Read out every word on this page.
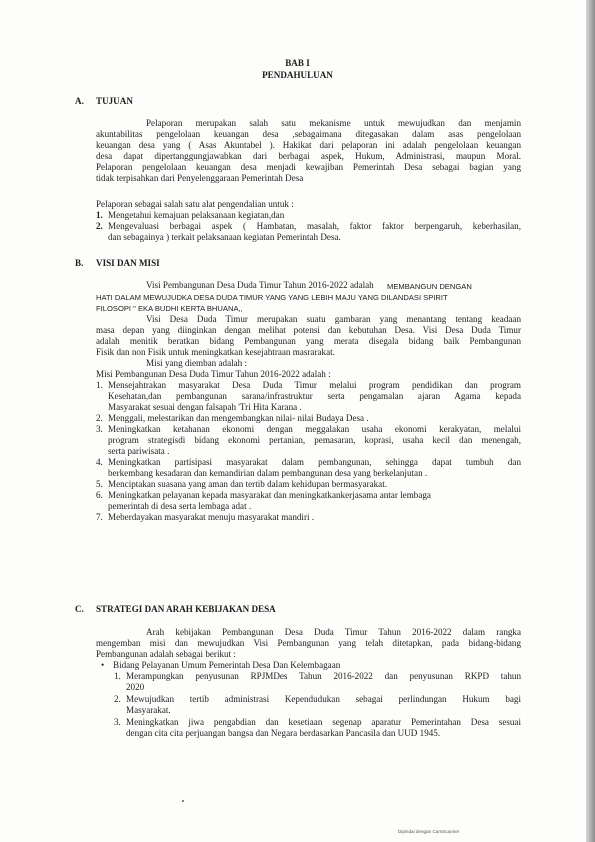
BAB I
PENDAHULUAN
A. TUJUAN
Pelaporan merupakan salah satu mekanisme untuk mewujudkan dan menjamin
akuntabilitas pengelolaan keuangan desa ,sebagaimana ditegasakan dalam asas pengelolaan
keuangan desa yang ( Asas Akuntabel ). Hakikat dari pelaporan ini adalah pengelolaan keuangan
desa dapat dipertanggungjawabkan dari berbagai aspek, Hukum, Administrasi, maupun Moral.
Pelaporan pengelolaan keuangan desa menjadi kewajiban Pemerintah Desa sebagai bagian yang
tidak terpisahkan dari Penyelenggaraan Pemerintah Desa
Pelaporan sebagai salah satu alat pengendalian untuk :
1. Mengetahui kemajuan pelaksanaan kegiatan,dan
2. Mengevaluasi berbagai aspek ( Hambatan, masalah, faktor faktor berpengaruh, keberhasilan,
dan sebagainya ) terkait pelaksanaan kegiatan Pemerintah Desa.
B. VISI DAN MISI
Visi Pembangunan Desa Duda Timur Tahun 2016-2022 adalah MEMBANGUN DENGAN
HATI DALAM MEWUJUDKA DESA DUDA TIMUR YANG YANG LEBIH MAJU YANG DILANDASI SPIRIT
FILOSOPI " EKA BUDHI KERTA BHUANA,,
Visi Desa Duda Timur merupakan suatu gambaran yang menantang tentang keadaan
masa depan yang diinginkan dengan melihat potensi dan kebutuhan Desa. Visi Desa Duda Timur
adalah menitik beratkan bidang Pembangunan yang merata disegala bidang baik Pembangunan
Fisik dan non Fisik untuk meningkatkan kesejahtraan masrarakat.
Misi yang diemban adalah :
Misi Pembangunan Desa Duda Timur Tahun 2016-2022 adalah :
1. Mensejahtrakan masyarakat Desa Duda Timur melalui program pendidikan dan program
Kesehatan,dan pembangunan sarana/infrastruktur serta pengamalan ajaran Agama kepada
Masyarakat sesuai dengan falsapah 'Tri Hita Karana .
2. Menggali, melestarikan dan mengembangkan nilai- nilai Budaya Desa .
3. Meningkatkan ketahanan ekonomi dengan meggalakan usaha ekonomi kerakyatan, melalui
program strategisdi bidang ekonomi pertanian, pemasaran, koprasi, usaha kecil dan menengah,
serta pariwisata .
4. Meningkatkan partisipasi masyarakat dalam pembangunan, sehingga dapat tumbuh dan
berkembang kesadaran dan kemandirian dalam pembangunan desa yang berkelanjutan .
5. Menciptakan suasana yang aman dan tertib dalam kehidupan bermasyarakat.
6. Meningkatkan pelayanan kepada masyarakat dan meningkatkankerjasama antar lembaga
pemerintah di desa serta lembaga adat .
7. Meberdayakan masyarakat menuju masyarakat mandiri .
C. STRATEGI DAN ARAH KEBIJAKAN DESA
Arah kebijakan Pembangunan Desa Duda Timur Tahun 2016-2022 dalam rangka
mengemban misi dan mewujudkan Visi Pembangunan yang telah ditetapkan, pada bidang-bidang
Pembangunan adalah sebagai berikut :
• Bidang Pelayanan Umum Pemerintah Desa Dan Kelembagaan
1. Merampungkan penyusunan RPJMDes Tahun 2016-2022 dan penyusunan RKPD tahun
2020
2. Mewujudkan tertib administrasi Kependudukan sebagai perlindungan Hukum bagi
Masyarakat.
3. Meningkatkan jiwa pengabdian dan kesetiaan segenap aparatur Pemerintahan Desa sesuai
dengan cita cita perjuangan bangsa dan Negara berdasarkan Pancasila dan UUD 1945.
Dipindai dengan CamScanner
